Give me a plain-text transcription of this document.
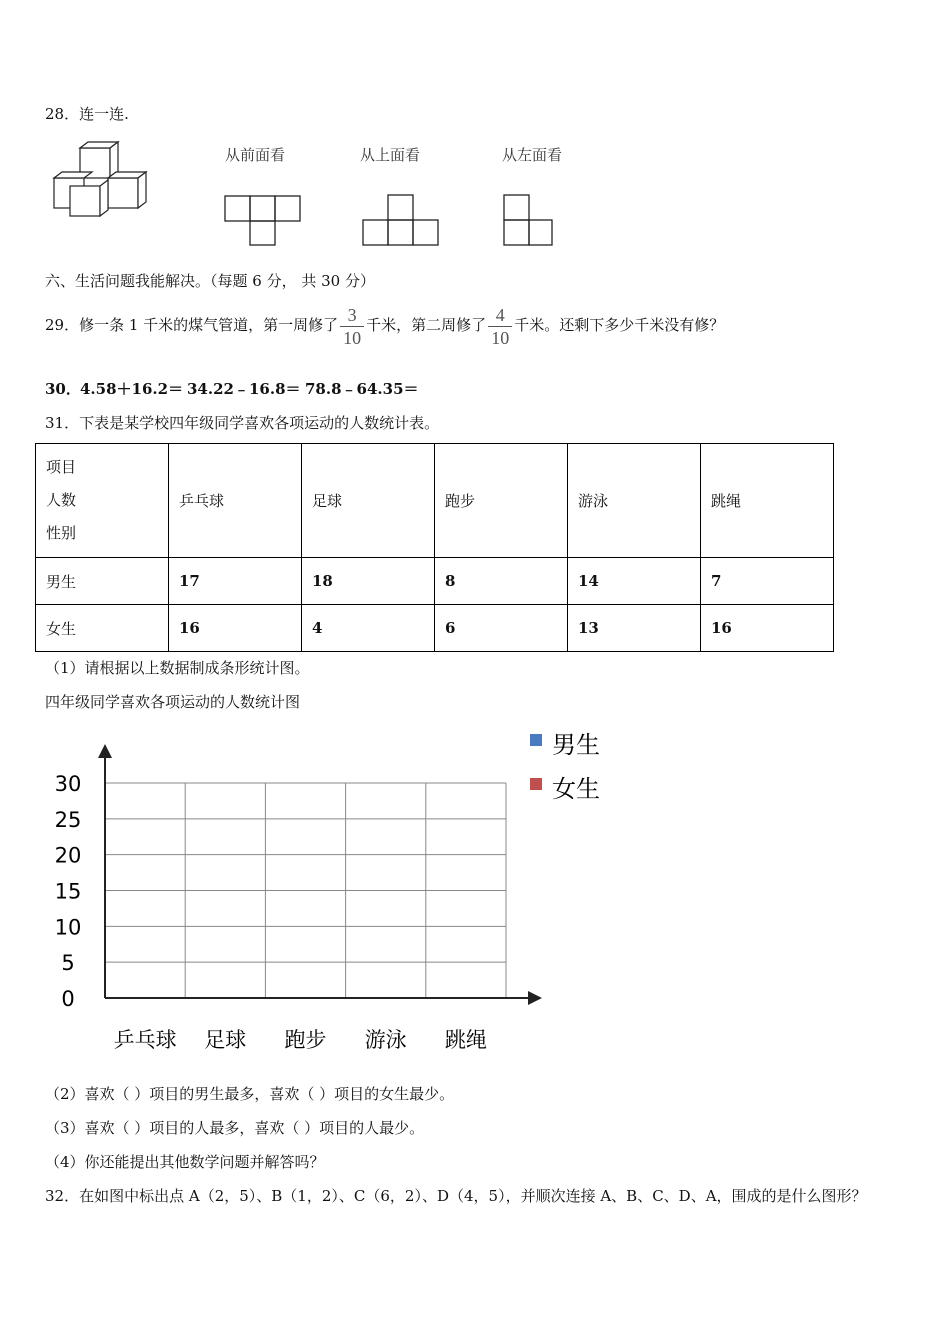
28．连一连.
从前面看	从上面看	从左面看
六、生活问题我能解决。（每题 6 分， 共 30 分）
29．修一条 1 千米的煤气管道，第一周修了 $\frac{3}{10}$ 千米，第二周修了 $\frac{4}{10}$ 千米。还剩下多少千米没有修？
30． 4.58＋16.2＝ 34.22﹣16.8＝ 78.8﹣64.35＝
31．下表是某学校四年级同学喜欢各项运动的人数统计表。
项目
人数
性别	乒乓球	足球	跑步	游泳	跳绳
男生	17	18	8	14	7
女生	16	4	6	13	16
（1）请根据以上数据制成条形统计图。
四年级同学喜欢各项运动的人数统计图
0
5
10
15
20
25
30
乒乓球 足球 跑步 游泳 跳绳
男生
女生
（2）喜欢（ ）项目的男生最多，喜欢（ ）项目的女生最少。
（3）喜欢（ ）项目的人最多，喜欢（ ）项目的人最少。
（4）你还能提出其他数学问题并解答吗？
32．在如图中标出点 A（2，5）、B（1，2）、C（6，2）、D（4，5），并顺次连接 A、B、C、D、A，围成的是什么图形？
